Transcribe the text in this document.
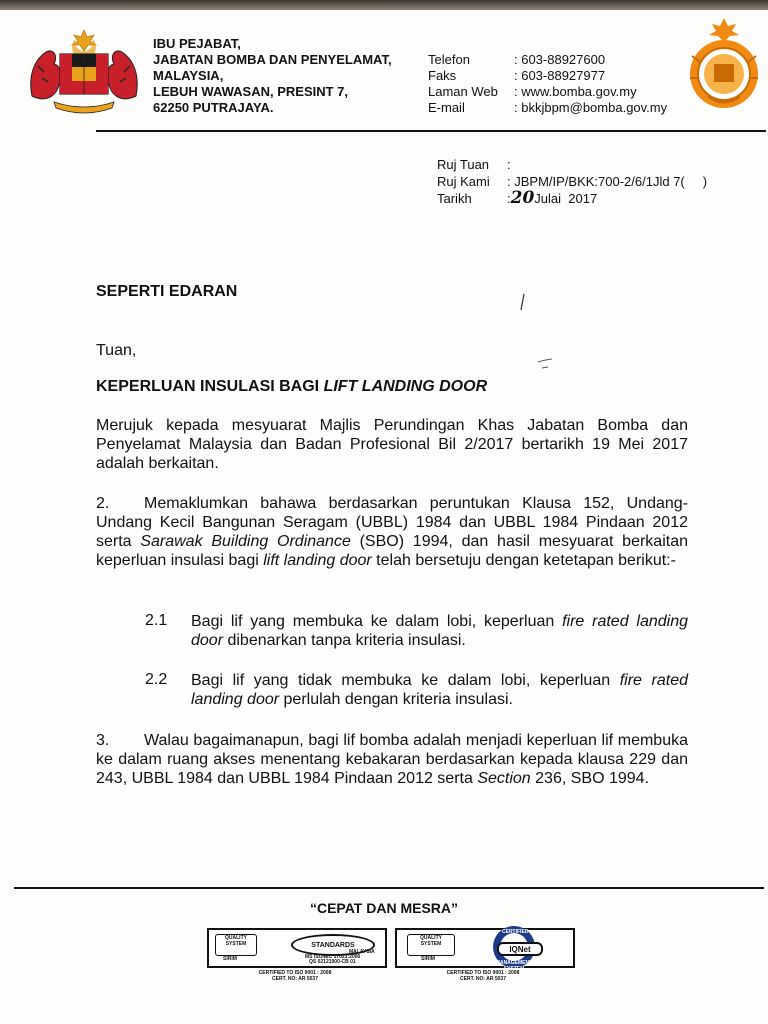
IBU PEJABAT,
JABATAN BOMBA DAN PENYELAMAT,
MALAYSIA,
LEBUH WAWASAN, PRESINT 7,
62250 PUTRAJAYA.
Telefon	: 603-88927600
Faks	: 603-88927977
Laman Web	: www.bomba.gov.my
E-mail	: bkkjbpm@bomba.gov.my
Ruj Tuan	:
Ruj Kami	: JBPM/IP/BKK:700-2/6/1Jld 7(     )
Tarikh	:20Julai  2017
SEPERTI EDARAN
Tuan,
KEPERLUAN INSULASI BAGI LIFT LANDING DOOR
Merujuk kepada mesyuarat Majlis Perundingan Khas Jabatan Bomba dan Penyelamat Malaysia dan Badan Profesional Bil 2/2017 bertarikh 19 Mei 2017 adalah berkaitan.
2. Memaklumkan bahawa berdasarkan peruntukan Klausa 152, Undang-Undang Kecil Bangunan Seragam (UBBL) 1984 dan UBBL 1984 Pindaan 2012 serta Sarawak Building Ordinance (SBO) 1994, dan hasil mesyuarat berkaitan keperluan insulasi bagi lift landing door telah bersetuju dengan ketetapan berikut:-
2.1 Bagi lif yang membuka ke dalam lobi, keperluan fire rated landing door dibenarkan tanpa kriteria insulasi.
2.2 Bagi lif yang tidak membuka ke dalam lobi, keperluan fire rated landing door perlulah dengan kriteria insulasi.
3. Walau bagaimanapun, bagi lif bomba adalah menjadi keperluan lif membuka ke dalam ruang akses menentang kebakaran berdasarkan kepada klausa 229 dan 243, UBBL 1984 dan UBBL 1984 Pindaan 2012 serta Section 236, SBO 1994.
“CEPAT DAN MESRA”
QUALITY
SYSTEM
SIRIM
STANDARDS
MALAYSIA
MS ISO/IEC 17021:2006
QS 02121900-CB 01
CERTIFIED TO ISO 9001 : 2008
CERT. NO: AR 5037
QUALITY
SYSTEM
SIRIM
CERTIFIED
MANAGEMENT SYSTEM
IQNet
CERTIFIED TO ISO 9001 : 2008
CERT. NO: AR 5037
